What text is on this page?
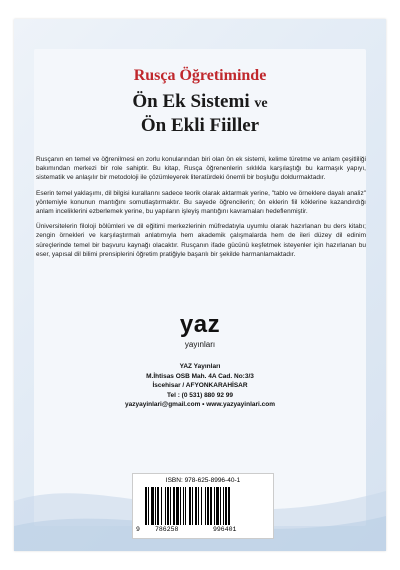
Rusça Öğretiminde
Ön Ek Sistemi ve
Ön Ekli Fiiller

Rusçanın en temel ve öğrenilmesi en zorlu konularından biri olan ön ek sistemi, kelime türetme ve anlam çeşitliliği bakımından merkezi bir role sahiptir. Bu kitap, Rusça öğrenenlerin sıklıkla karşılaştığı bu karmaşık yapıyı, sistematik ve anlaşılır bir metodoloji ile çözümleyerek literatürdeki önemli bir boşluğu doldurmaktadır.

Eserin temel yaklaşımı, dil bilgisi kurallarını sadece teorik olarak aktarmak yerine, "tablo ve örneklere dayalı analiz" yöntemiyle konunun mantığını somutlaştırmaktır. Bu sayede öğrencilerin; ön eklerin fiil köklerine kazandırdığı anlam inceliklerini ezberlemek yerine, bu yapıların işleyiş mantığını kavramaları hedeflenmiştir.

Üniversitelerin filoloji bölümleri ve dil eğitimi merkezlerinin müfredatıyla uyumlu olarak hazırlanan bu ders kitabı; zengin örnekleri ve karşılaştırmalı anlatımıyla hem akademik çalışmalarda hem de ileri düzey dil edinim süreçlerinde temel bir başvuru kaynağı olacaktır. Rusçanın ifade gücünü keşfetmek isteyenler için hazırlanan bu eser, yapısal dil bilimi prensiplerini öğretim pratiğiyle başarılı bir şekilde harmanlamaktadır.

yaz
yayınları
YAZ Yayınları
M.İhtisas OSB Mah. 4A Cad. No:3/3
İscehisar / AFYONKARAHİSAR
Tel : (0 531) 880 92 99
yazyayinlari@gmail.com • www.yazyayinlari.com
ISBN: 978-625-8996-40-1
9 786258	996401
